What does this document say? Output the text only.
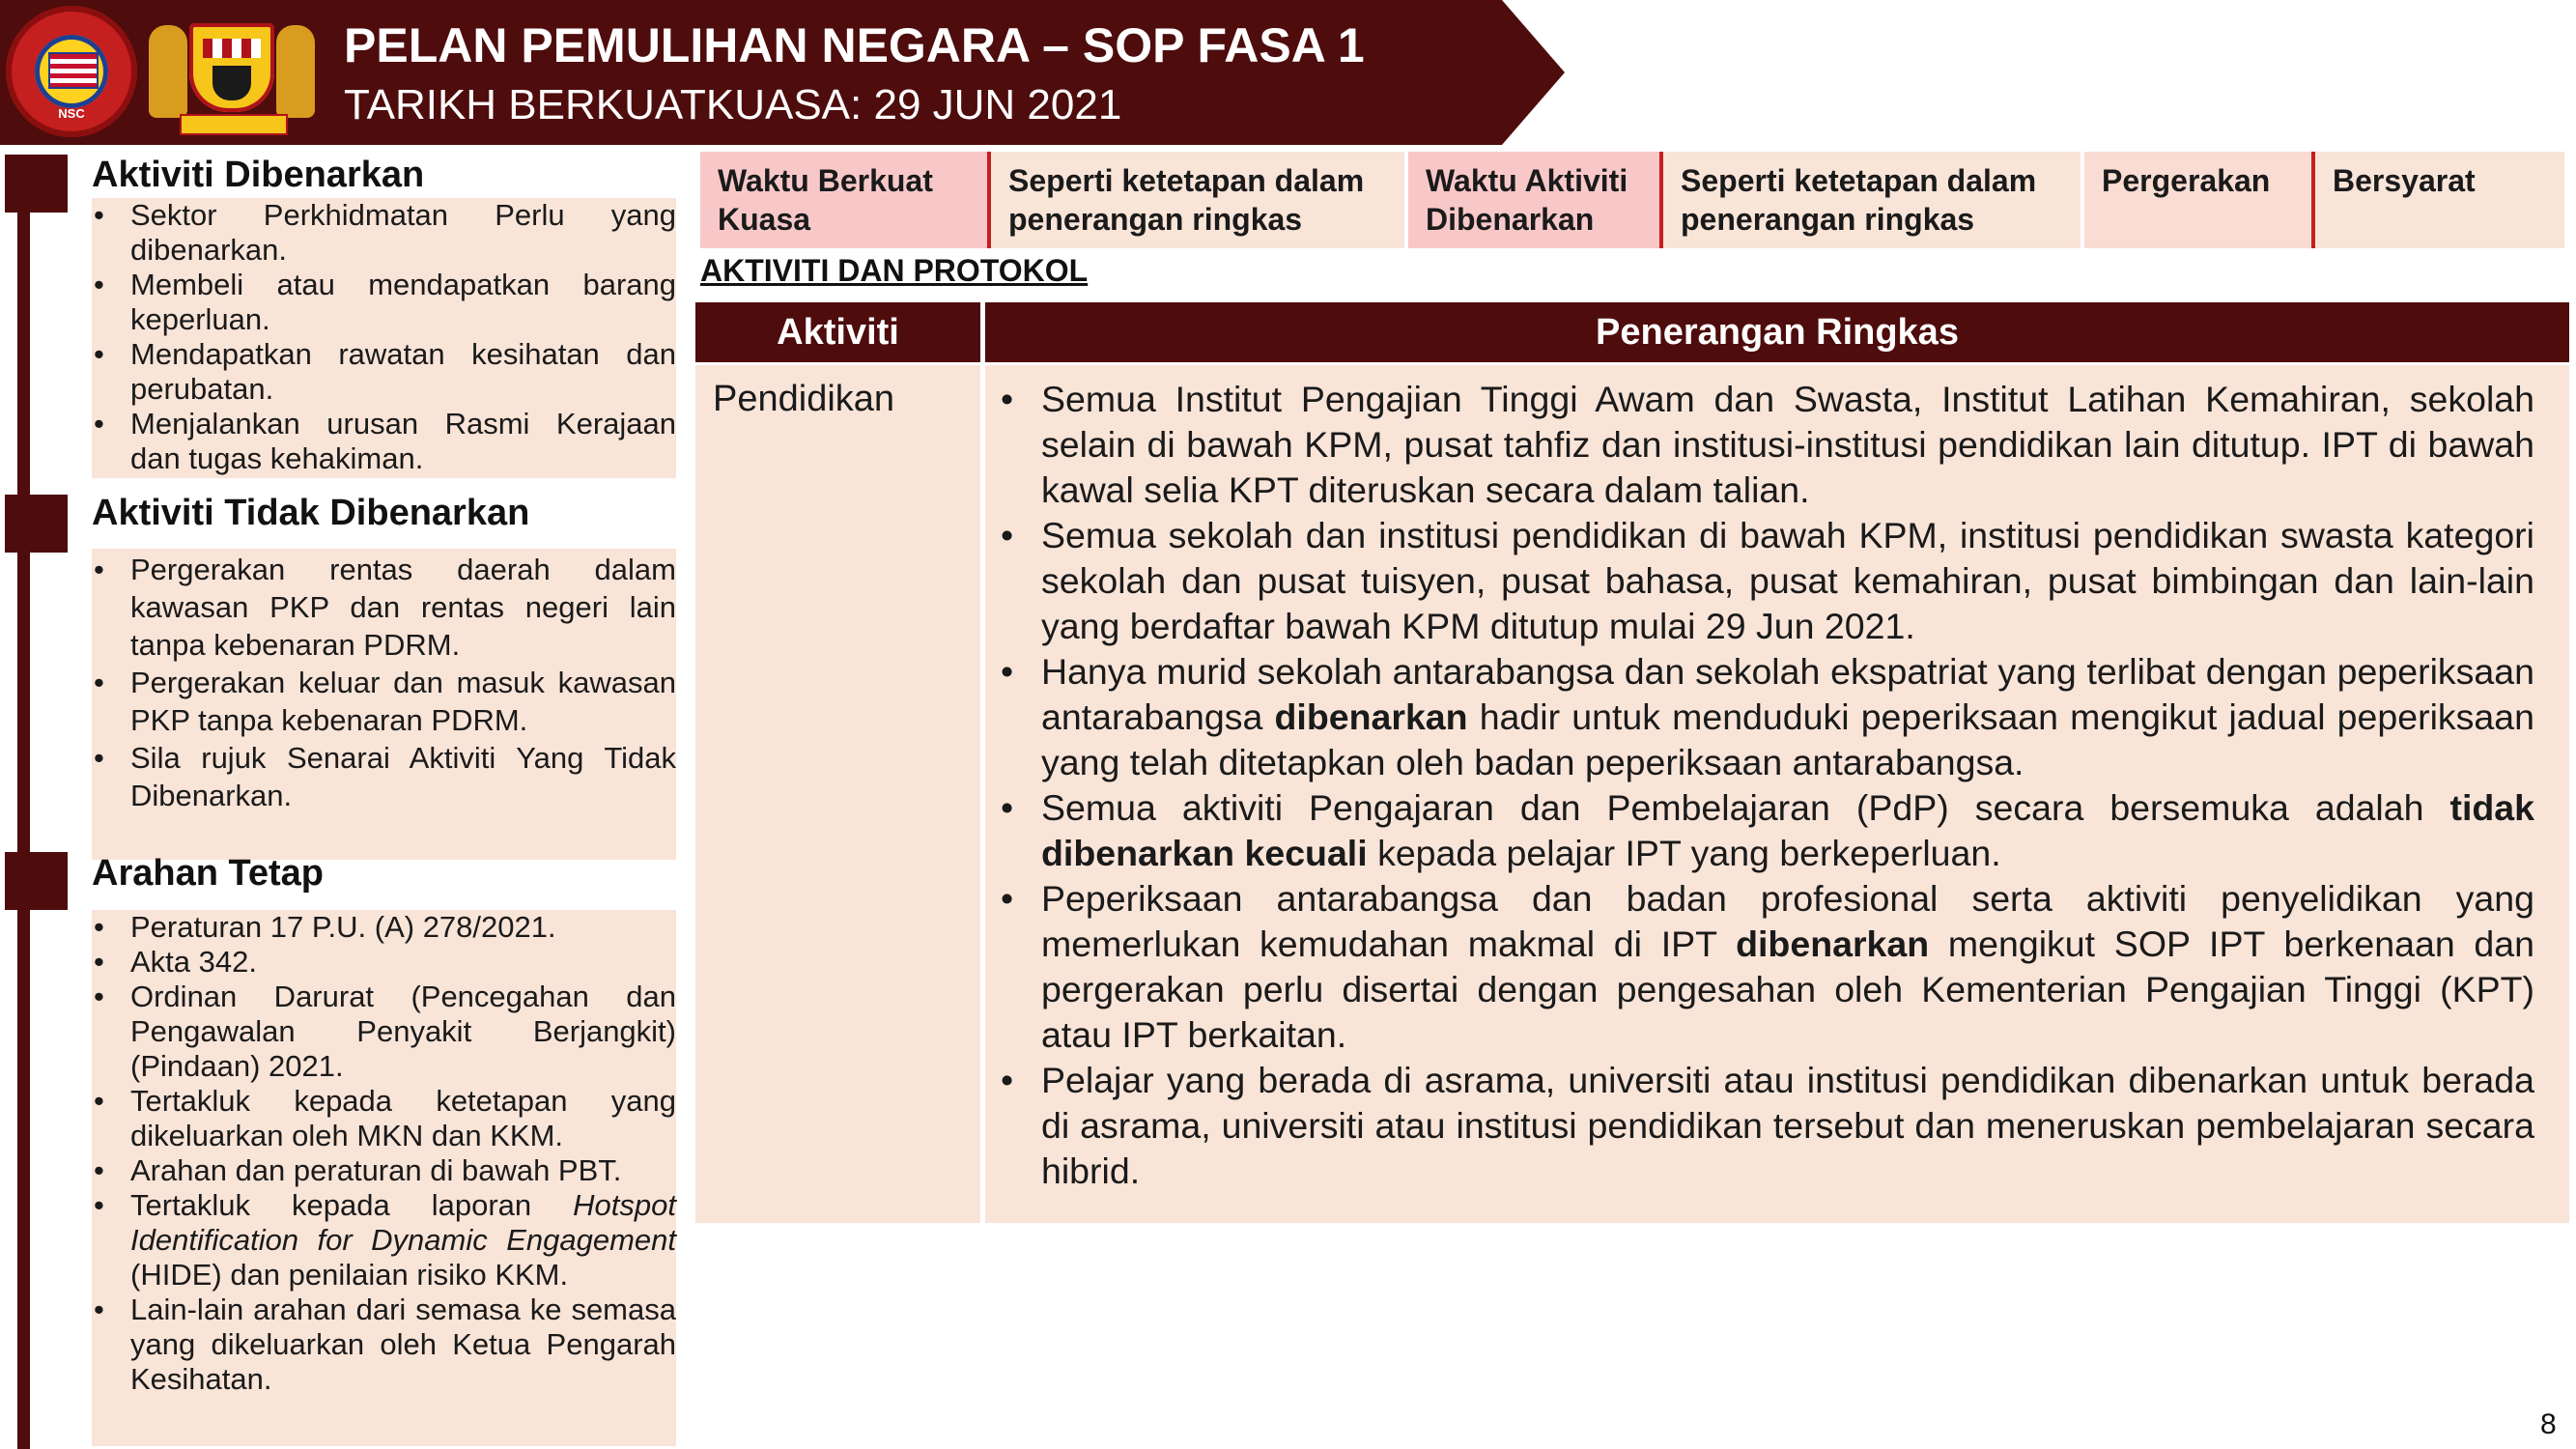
NSC
PELAN PEMULIHAN NEGARA – SOP FASA 1
TARIKH BERKUATKUASA: 29 JUN 2021
Aktiviti Dibenarkan
• Sektor Perkhidmatan Perlu yang dibenarkan.
• Membeli atau mendapatkan barang keperluan.
• Mendapatkan rawatan kesihatan dan perubatan.
• Menjalankan urusan Rasmi Kerajaan dan tugas kehakiman.
Aktiviti Tidak Dibenarkan
• Pergerakan rentas daerah dalam kawasan PKP dan rentas negeri lain tanpa kebenaran PDRM.
• Pergerakan keluar dan masuk kawasan PKP tanpa kebenaran PDRM.
• Sila rujuk Senarai Aktiviti Yang Tidak Dibenarkan.
Arahan Tetap
• Peraturan 17 P.U. (A) 278/2021.
• Akta 342.
• Ordinan Darurat (Pencegahan dan Pengawalan Penyakit Berjangkit) (Pindaan) 2021.
• Tertakluk kepada ketetapan yang dikeluarkan oleh MKN dan KKM.
• Arahan dan peraturan di bawah PBT.
• Tertakluk kepada laporan Hotspot Identification for Dynamic Engagement (HIDE) dan penilaian risiko KKM.
• Lain-lain arahan dari semasa ke semasa yang dikeluarkan oleh Ketua Pengarah Kesihatan.
Waktu Berkuat Kuasa
Seperti ketetapan dalam penerangan ringkas
Waktu Aktiviti Dibenarkan
Seperti ketetapan dalam penerangan ringkas
Pergerakan	Bersyarat
AKTIVITI DAN PROTOKOL
Aktiviti	Penerangan Ringkas
Pendidikan
•	Semua Institut Pengajian Tinggi Awam dan Swasta, Institut Latihan Kemahiran, sekolah selain di bawah KPM, pusat tahfiz dan institusi-institusi pendidikan lain ditutup. IPT di bawah kawal selia KPT diteruskan secara dalam talian.
• Semua sekolah dan institusi pendidikan di bawah KPM, institusi pendidikan swasta kategori sekolah dan pusat tuisyen, pusat bahasa, pusat kemahiran, pusat bimbingan dan lain-lain yang berdaftar bawah KPM ditutup mulai 29 Jun 2021.
• Hanya murid sekolah antarabangsa dan sekolah ekspatriat yang terlibat dengan peperiksaan antarabangsa dibenarkan hadir untuk menduduki peperiksaan mengikut jadual peperiksaan yang telah ditetapkan oleh badan peperiksaan antarabangsa.
• Semua aktiviti Pengajaran dan Pembelajaran (PdP) secara bersemuka adalah tidak dibenarkan kecuali kepada pelajar IPT yang berkeperluan.
• Peperiksaan antarabangsa dan badan profesional serta aktiviti penyelidikan yang memerlukan kemudahan makmal di IPT dibenarkan mengikut SOP IPT berkenaan dan pergerakan perlu disertai dengan pengesahan oleh Kementerian Pengajian Tinggi (KPT) atau IPT berkaitan.
• Pelajar yang berada di asrama, universiti atau institusi pendidikan dibenarkan untuk berada di asrama, universiti atau institusi pendidikan tersebut dan meneruskan pembelajaran secara hibrid.
8
